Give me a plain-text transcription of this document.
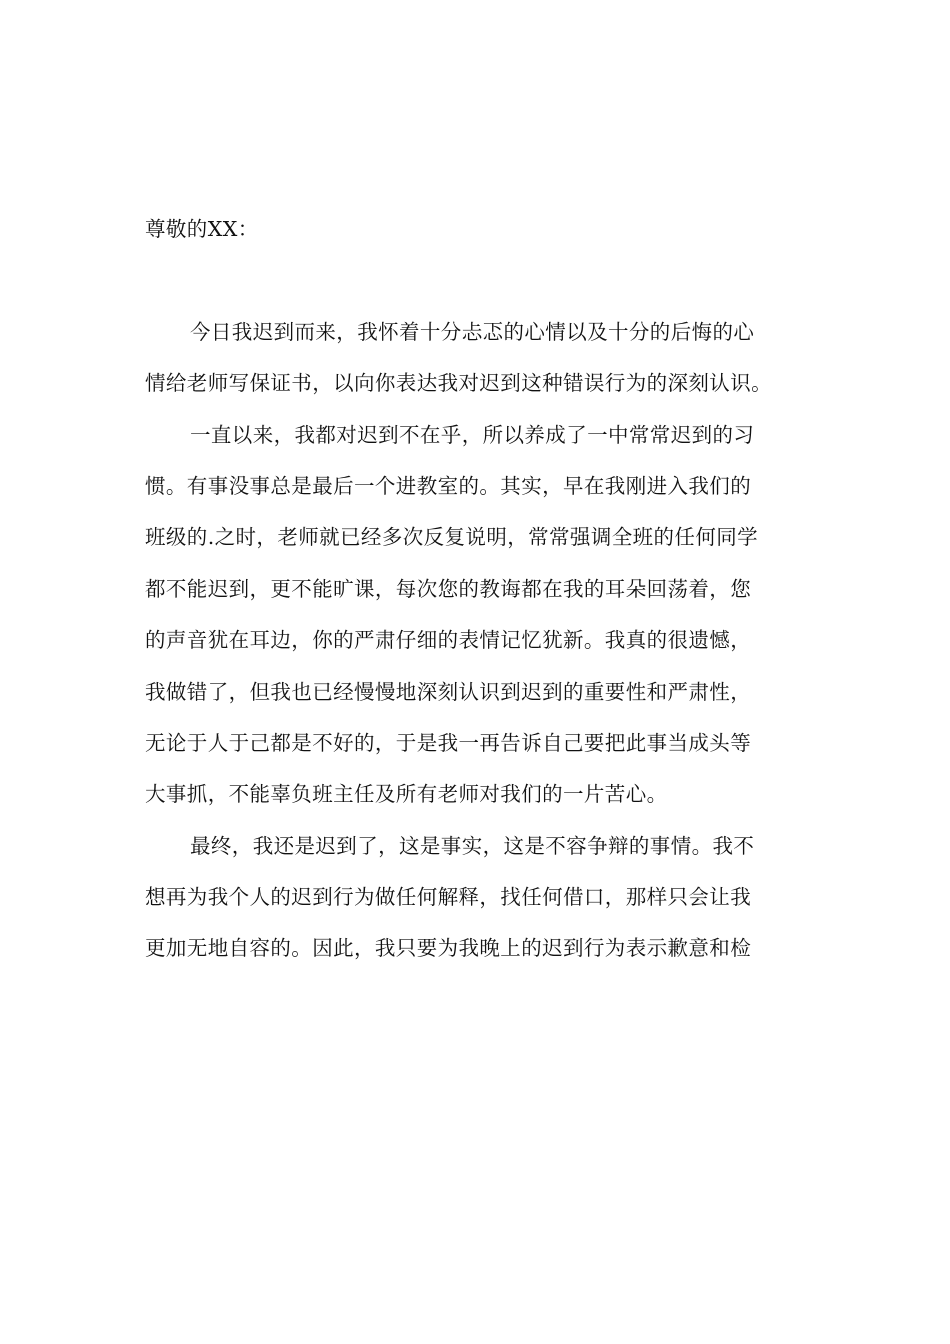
尊敬的XX：
今日我迟到而来，我怀着十分忐忑的心情以及十分的后悔的心
情给老师写保证书，以向你表达我对迟到这种错误行为的深刻认识。
一直以来，我都对迟到不在乎，所以养成了一中常常迟到的习
惯。有事没事总是最后一个进教室的。其实，早在我刚进入我们的
班级的.之时，老师就已经多次反复说明，常常强调全班的任何同学
都不能迟到，更不能旷课，每次您的教诲都在我的耳朵回荡着，您
的声音犹在耳边，你的严肃仔细的表情记忆犹新。我真的很遗憾，
我做错了，但我也已经慢慢地深刻认识到迟到的重要性和严肃性，
无论于人于己都是不好的，于是我一再告诉自己要把此事当成头等
大事抓，不能辜负班主任及所有老师对我们的一片苦心。
最终，我还是迟到了，这是事实，这是不容争辩的事情。我不
想再为我个人的迟到行为做任何解释，找任何借口，那样只会让我
更加无地自容的。因此，我只要为我晚上的迟到行为表示歉意和检
